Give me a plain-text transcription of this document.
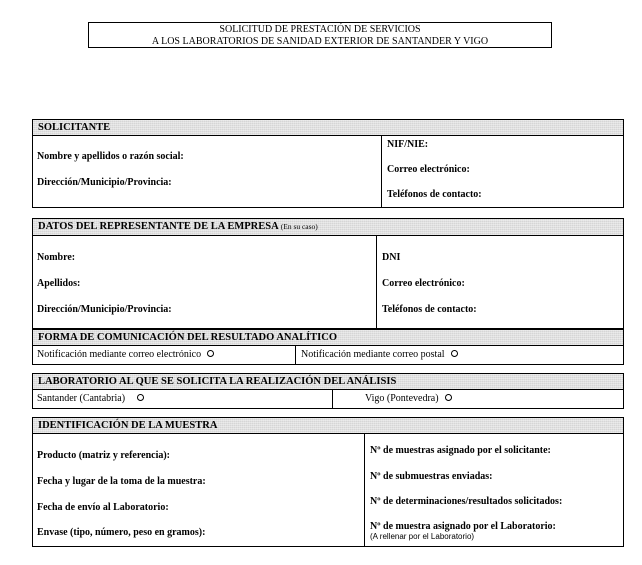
SOLICITUD DE PRESTACIÓN DE SERVICIOS
A LOS LABORATORIOS DE SANIDAD EXTERIOR DE SANTANDER Y VIGO
SOLICITANTE
Nombre y apellidos o razón social:
Dirección/Municipio/Provincia:
NIF/NIE:
Correo electrónico:
Teléfonos de contacto:
DATOS DEL REPRESENTANTE DE LA EMPRESA (En su caso)
Nombre:
Apellidos:
Dirección/Municipio/Provincia:
DNI
Correo electrónico:
Teléfonos de contacto:
FORMA DE COMUNICACIÓN DEL RESULTADO ANALÍTICO
Notificación mediante correo electrónico	Notificación mediante correo postal
LABORATORIO AL QUE SE SOLICITA LA REALIZACIÓN DEL ANÁLISIS
Santander (Cantabria)	Vigo (Pontevedra)
IDENTIFICACIÓN DE LA MUESTRA
Producto (matriz y referencia):
Fecha y lugar de la toma de la muestra:
Fecha de envío al Laboratorio:
Envase (tipo, número, peso en gramos):
Nº de muestras asignado por el solicitante:
Nº de submuestras enviadas:
Nº de determinaciones/resultados solicitados:
Nº de muestra asignado por el Laboratorio:
(A rellenar por el Laboratorio)
